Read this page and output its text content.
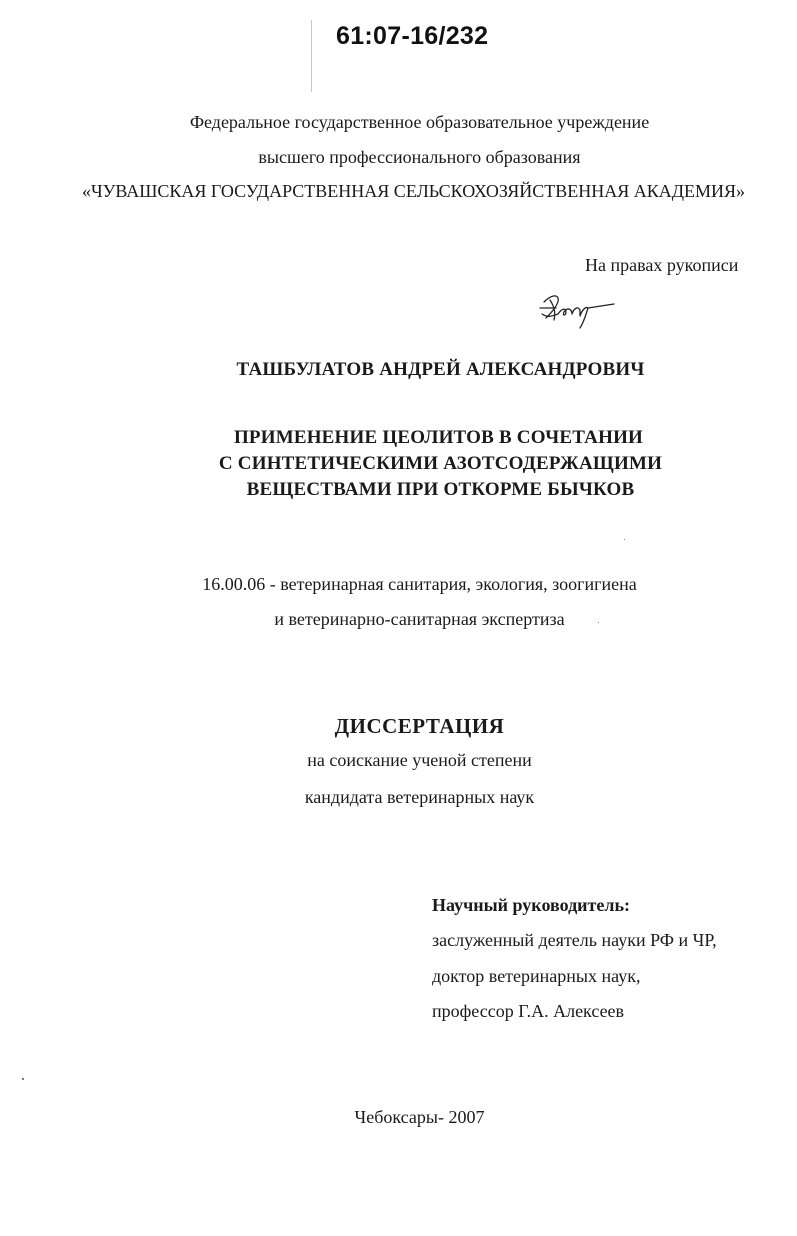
61:07-16/232
Федеральное государственное образовательное учреждение
высшего профессионального образования
«ЧУВАШСКАЯ ГОСУДАРСТВЕННАЯ СЕЛЬСКОХОЗЯЙСТВЕННАЯ АКАДЕМИЯ»
На правах рукописи
ТАШБУЛАТОВ АНДРЕЙ АЛЕКСАНДРОВИЧ
ПРИМЕНЕНИЕ ЦЕОЛИТОВ В СОЧЕТАНИИ
С СИНТЕТИЧЕСКИМИ АЗОТСОДЕРЖАЩИМИ
ВЕЩЕСТВАМИ ПРИ ОТКОРМЕ БЫЧКОВ
16.00.06 - ветеринарная санитария, экология, зоогигиена
и ветеринарно-санитарная экспертиза
ДИССЕРТАЦИЯ
на соискание ученой степени
кандидата ветеринарных наук
Научный руководитель:
заслуженный деятель науки РФ и ЧР,
доктор ветеринарных наук,
профессор Г.А. Алексеев
Чебоксары- 2007
